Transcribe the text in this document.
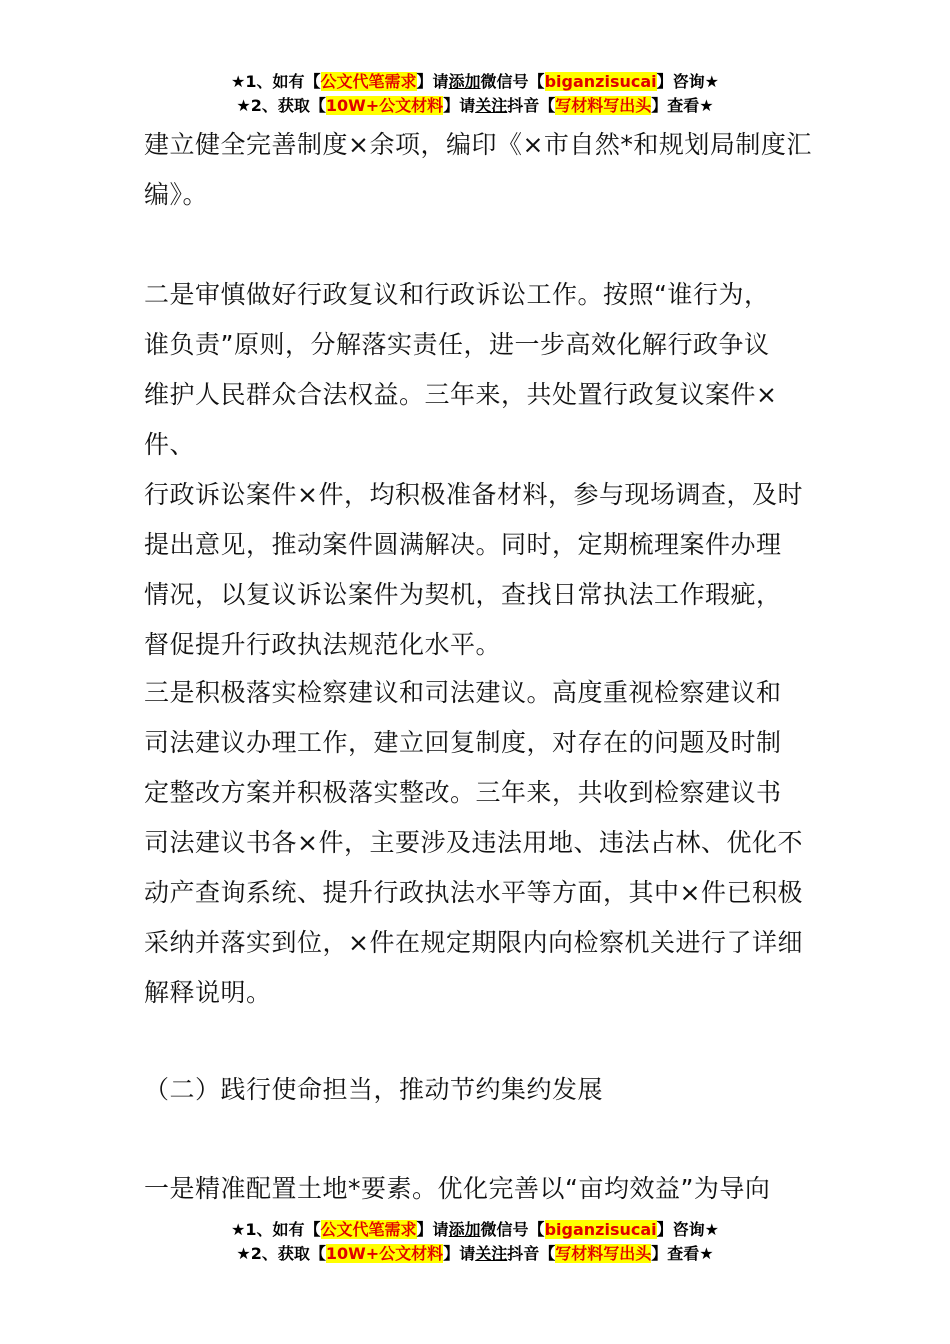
★1、如有【公文代笔需求】请添加微信号【biganzisucai】咨询★
★2、获取【10W+公文材料】请关注抖音【写材料写出头】查看★
建立健全完善制度×余项，编印《×市自然*和规划局制度汇
编》。
二是审慎做好行政复议和行政诉讼工作。按照“谁行为，
谁负责”原则，分解落实责任，进一步高效化解行政争议
维护人民群众合法权益。三年来，共处置行政复议案件×件、
行政诉讼案件×件，均积极准备材料，参与现场调查，及时
提出意见，推动案件圆满解决。同时，定期梳理案件办理
情况，以复议诉讼案件为契机，查找日常执法工作瑕疵，
督促提升行政执法规范化水平。
三是积极落实检察建议和司法建议。高度重视检察建议和
司法建议办理工作，建立回复制度，对存在的问题及时制
定整改方案并积极落实整改。三年来，共收到检察建议书
司法建议书各×件，主要涉及违法用地、违法占林、优化不
动产查询系统、提升行政执法水平等方面，其中×件已积极
采纳并落实到位，×件在规定期限内向检察机关进行了详细
解释说明。
（二）践行使命担当，推动节约集约发展
一是精准配置土地*要素。优化完善以“亩均效益”为导向
★1、如有【公文代笔需求】请添加微信号【biganzisucai】咨询★
★2、获取【10W+公文材料】请关注抖音【写材料写出头】查看★
